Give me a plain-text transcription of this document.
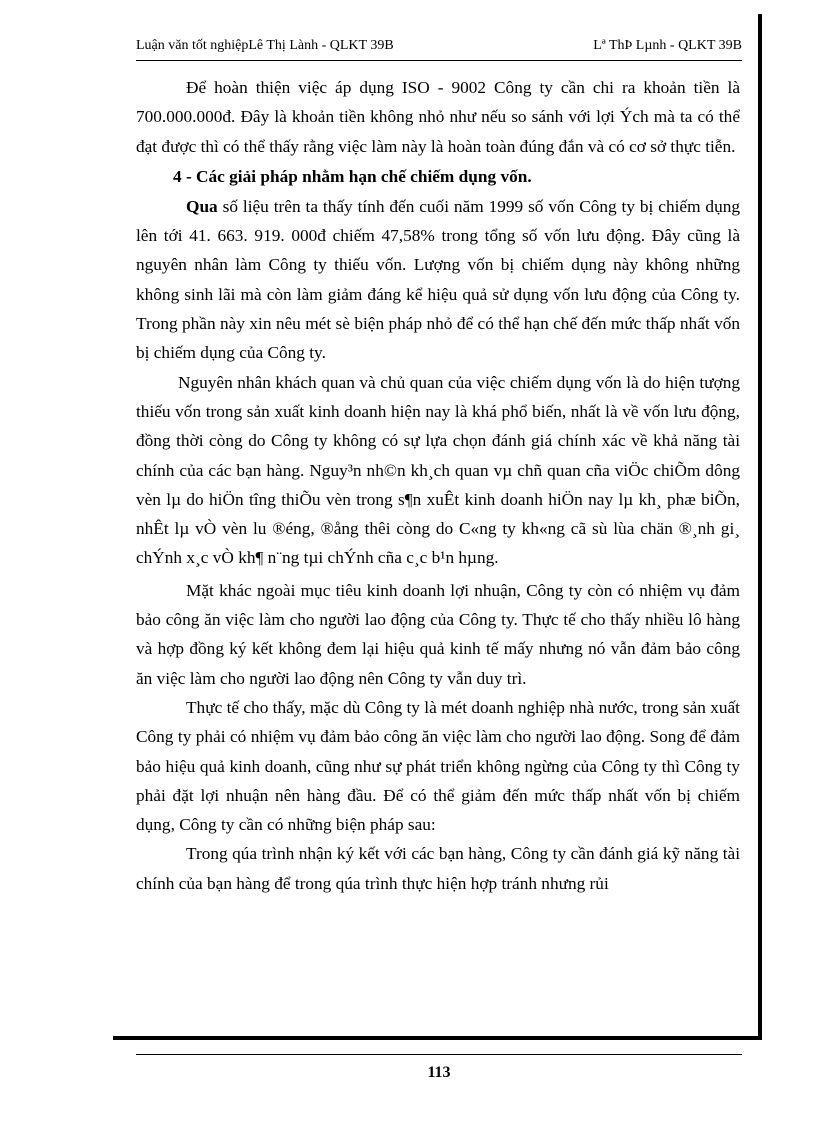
Luận văn tốt nghiệpLê Thị Lành - QLKT 39B	Lª ThÞ Lµnh - QLKT 39B

Để hoàn thiện việc áp dụng ISO - 9002 Công ty cần chi ra khoản tiền là 700.000.000đ. Đây là khoản tiền không nhỏ như nếu so sánh với lợi Ých mà ta có thể đạt được thì có thể thấy rằng việc làm này là hoàn toàn đúng đắn và có cơ sở thực tiễn.

4 - Các giải pháp nhằm hạn chế chiếm dụng vốn.

Qua số liệu trên ta thấy tính đến cuối năm 1999 số vốn Công ty bị chiếm dụng lên tới 41. 663. 919. 000đ chiếm 47,58% trong tổng số vốn lưu động. Đây cũng là nguyên nhân làm Công ty thiếu vốn. Lượng vốn bị chiếm dụng này không những không sinh lãi mà còn làm giảm đáng kể hiệu quả sử dụng vốn lưu động của Công ty. Trong phần này xin nêu mét sè biện pháp nhỏ để có thể hạn chế đến mức thấp nhất vốn bị chiếm dụng của Công ty.

Nguyên nhân khách quan và chủ quan của việc chiếm dụng vốn là do hiện tượng thiếu vốn trong sản xuất kinh doanh hiện nay là khá phổ biến, nhất là về vốn lưu động, đồng thời còng do Công ty không có sự lựa chọn đánh giá chính xác về khả năng tài chính của các bạn hàng. Nguy³n nh©n kh¸ch quan vµ chñ quan cña viÖc chiÕm dông vèn lµ do hiÖn tîng thiÕu vèn trong s¶n xuÊt kinh doanh hiÖn nay lµ kh¸ phæ biÕn, nhÊt lµ vÒ vèn lu ®éng, ®ång thêi còng do C«ng ty kh«ng cã sù lùa chän ®¸nh gi¸ chÝnh x¸c vÒ kh¶ n¨ng tµi chÝnh cña c¸c b¹n hµng.

Mặt khác ngoài mục tiêu kinh doanh lợi nhuận, Công ty còn có nhiệm vụ đảm bảo công ăn việc làm cho người lao động của Công ty. Thực tế cho thấy nhiều lô hàng và hợp đồng ký kết không đem lại hiệu quả kinh tế mấy nhưng nó vẫn đảm bảo công ăn việc làm cho người lao động nên Công ty vẫn duy trì.

Thực tế cho thấy, mặc dù Công ty là mét doanh nghiệp nhà nước, trong sản xuất Công ty phải có nhiệm vụ đảm bảo công ăn việc làm cho người lao động. Song để đảm bảo hiệu quả kinh doanh, cũng như sự phát triển không ngừng của Công ty thì Công ty phải đặt lợi nhuận nên hàng đầu. Để có thể giảm đến mức thấp nhất vốn bị chiếm dụng, Công ty cần có những biện pháp sau:

Trong qúa trình nhận ký kết với các bạn hàng, Công ty cần đánh giá kỹ năng tài chính của bạn hàng để trong qúa trình thực hiện hợp tránh nhưng rủi

113
